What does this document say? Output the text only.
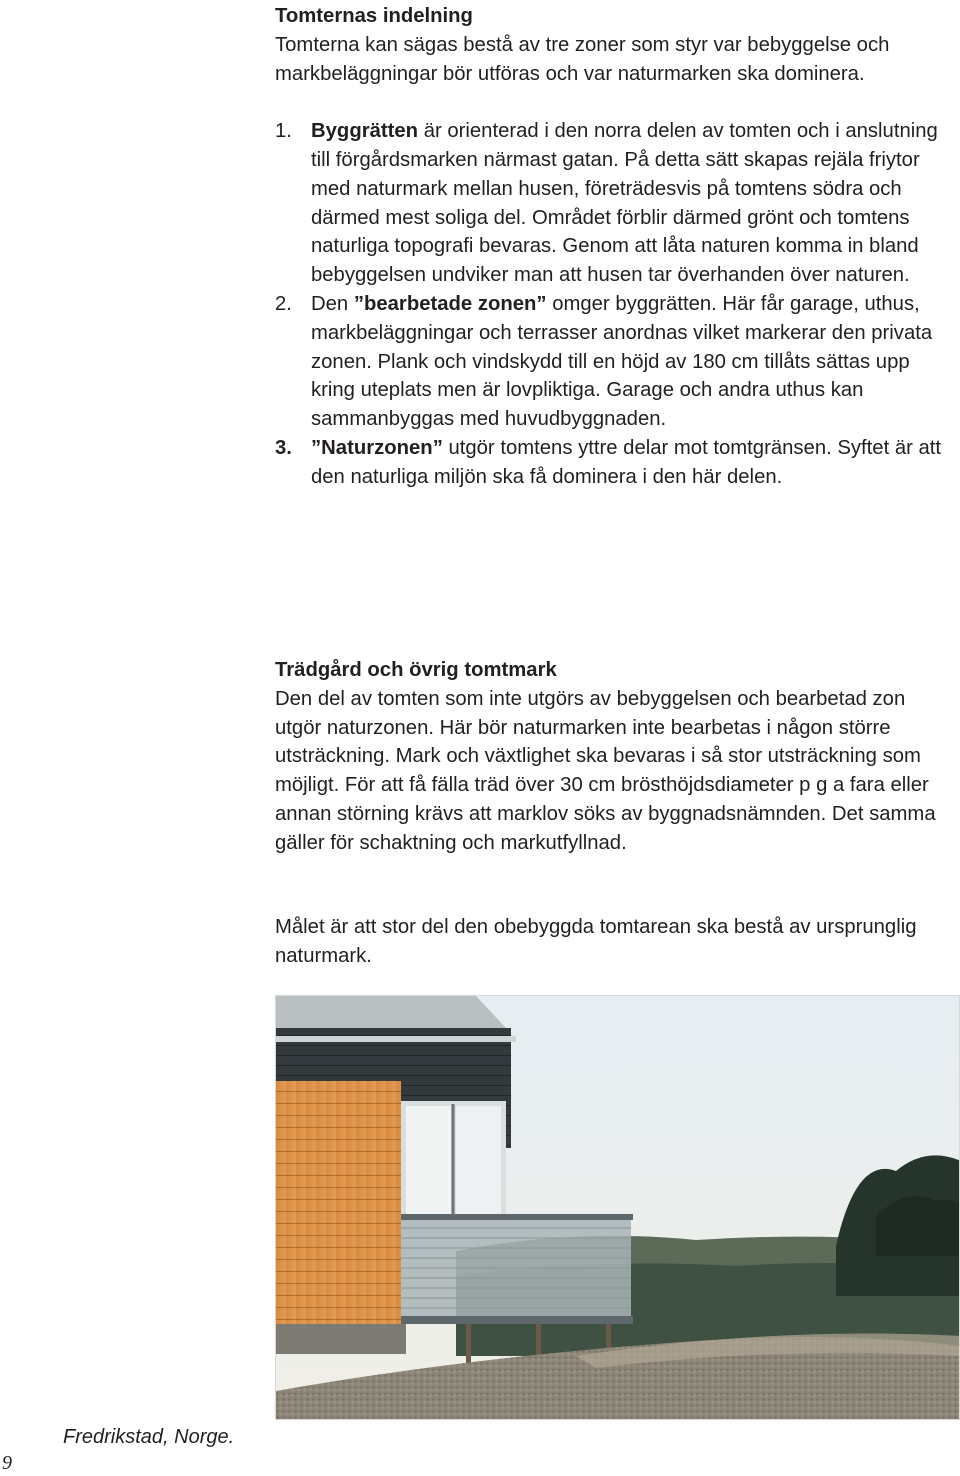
Tomternas indelning

Tomterna kan sägas bestå av tre zoner som styr var bebyggelse och markbeläggningar bör utföras och var naturmarken ska dominera.

1. Byggrätten är orienterad i den norra delen av tomten och i anslutning till förgårdsmarken närmast gatan. På detta sätt skapas rejäla friytor med naturmark mellan husen, företrädesvis på tomtens södra och därmed mest soliga del. Området förblir därmed grönt och tomtens naturliga topografi bevaras. Genom att låta naturen komma in bland bebyggelsen undviker man att husen tar överhanden över naturen.
2. Den ”bearbetade zonen” omger byggrätten. Här får garage, uthus, markbeläggningar och terrasser anordnas vilket markerar den privata zonen. Plank och vindskydd till en höjd av 180 cm tillåts sättas upp kring uteplats men är lovpliktiga. Garage och andra uthus kan sammanbyggas med huvudbyggnaden.
3. ”Naturzonen” utgör tomtens yttre delar mot tomtgränsen. Syftet är att den naturliga miljön ska få dominera i den här delen.

Trädgård och övrig tomtmark

Den del av tomten som inte utgörs av bebyggelsen och bearbetad zon utgör naturzonen. Här bör naturmarken inte bearbetas i någon större utsträckning. Mark och växtlighet ska bevaras i så stor utsträckning som möjligt. För att få fälla träd över 30 cm brösthöjdsdiameter p g a fara eller annan störning krävs att marklov söks av byggnadsnämnden. Det samma gäller för schaktning och markutfyllnad.

Målet är att stor del den obebyggda tomtarean ska bestå av ursprunglig naturmark.

Fredrikstad, Norge.
9
